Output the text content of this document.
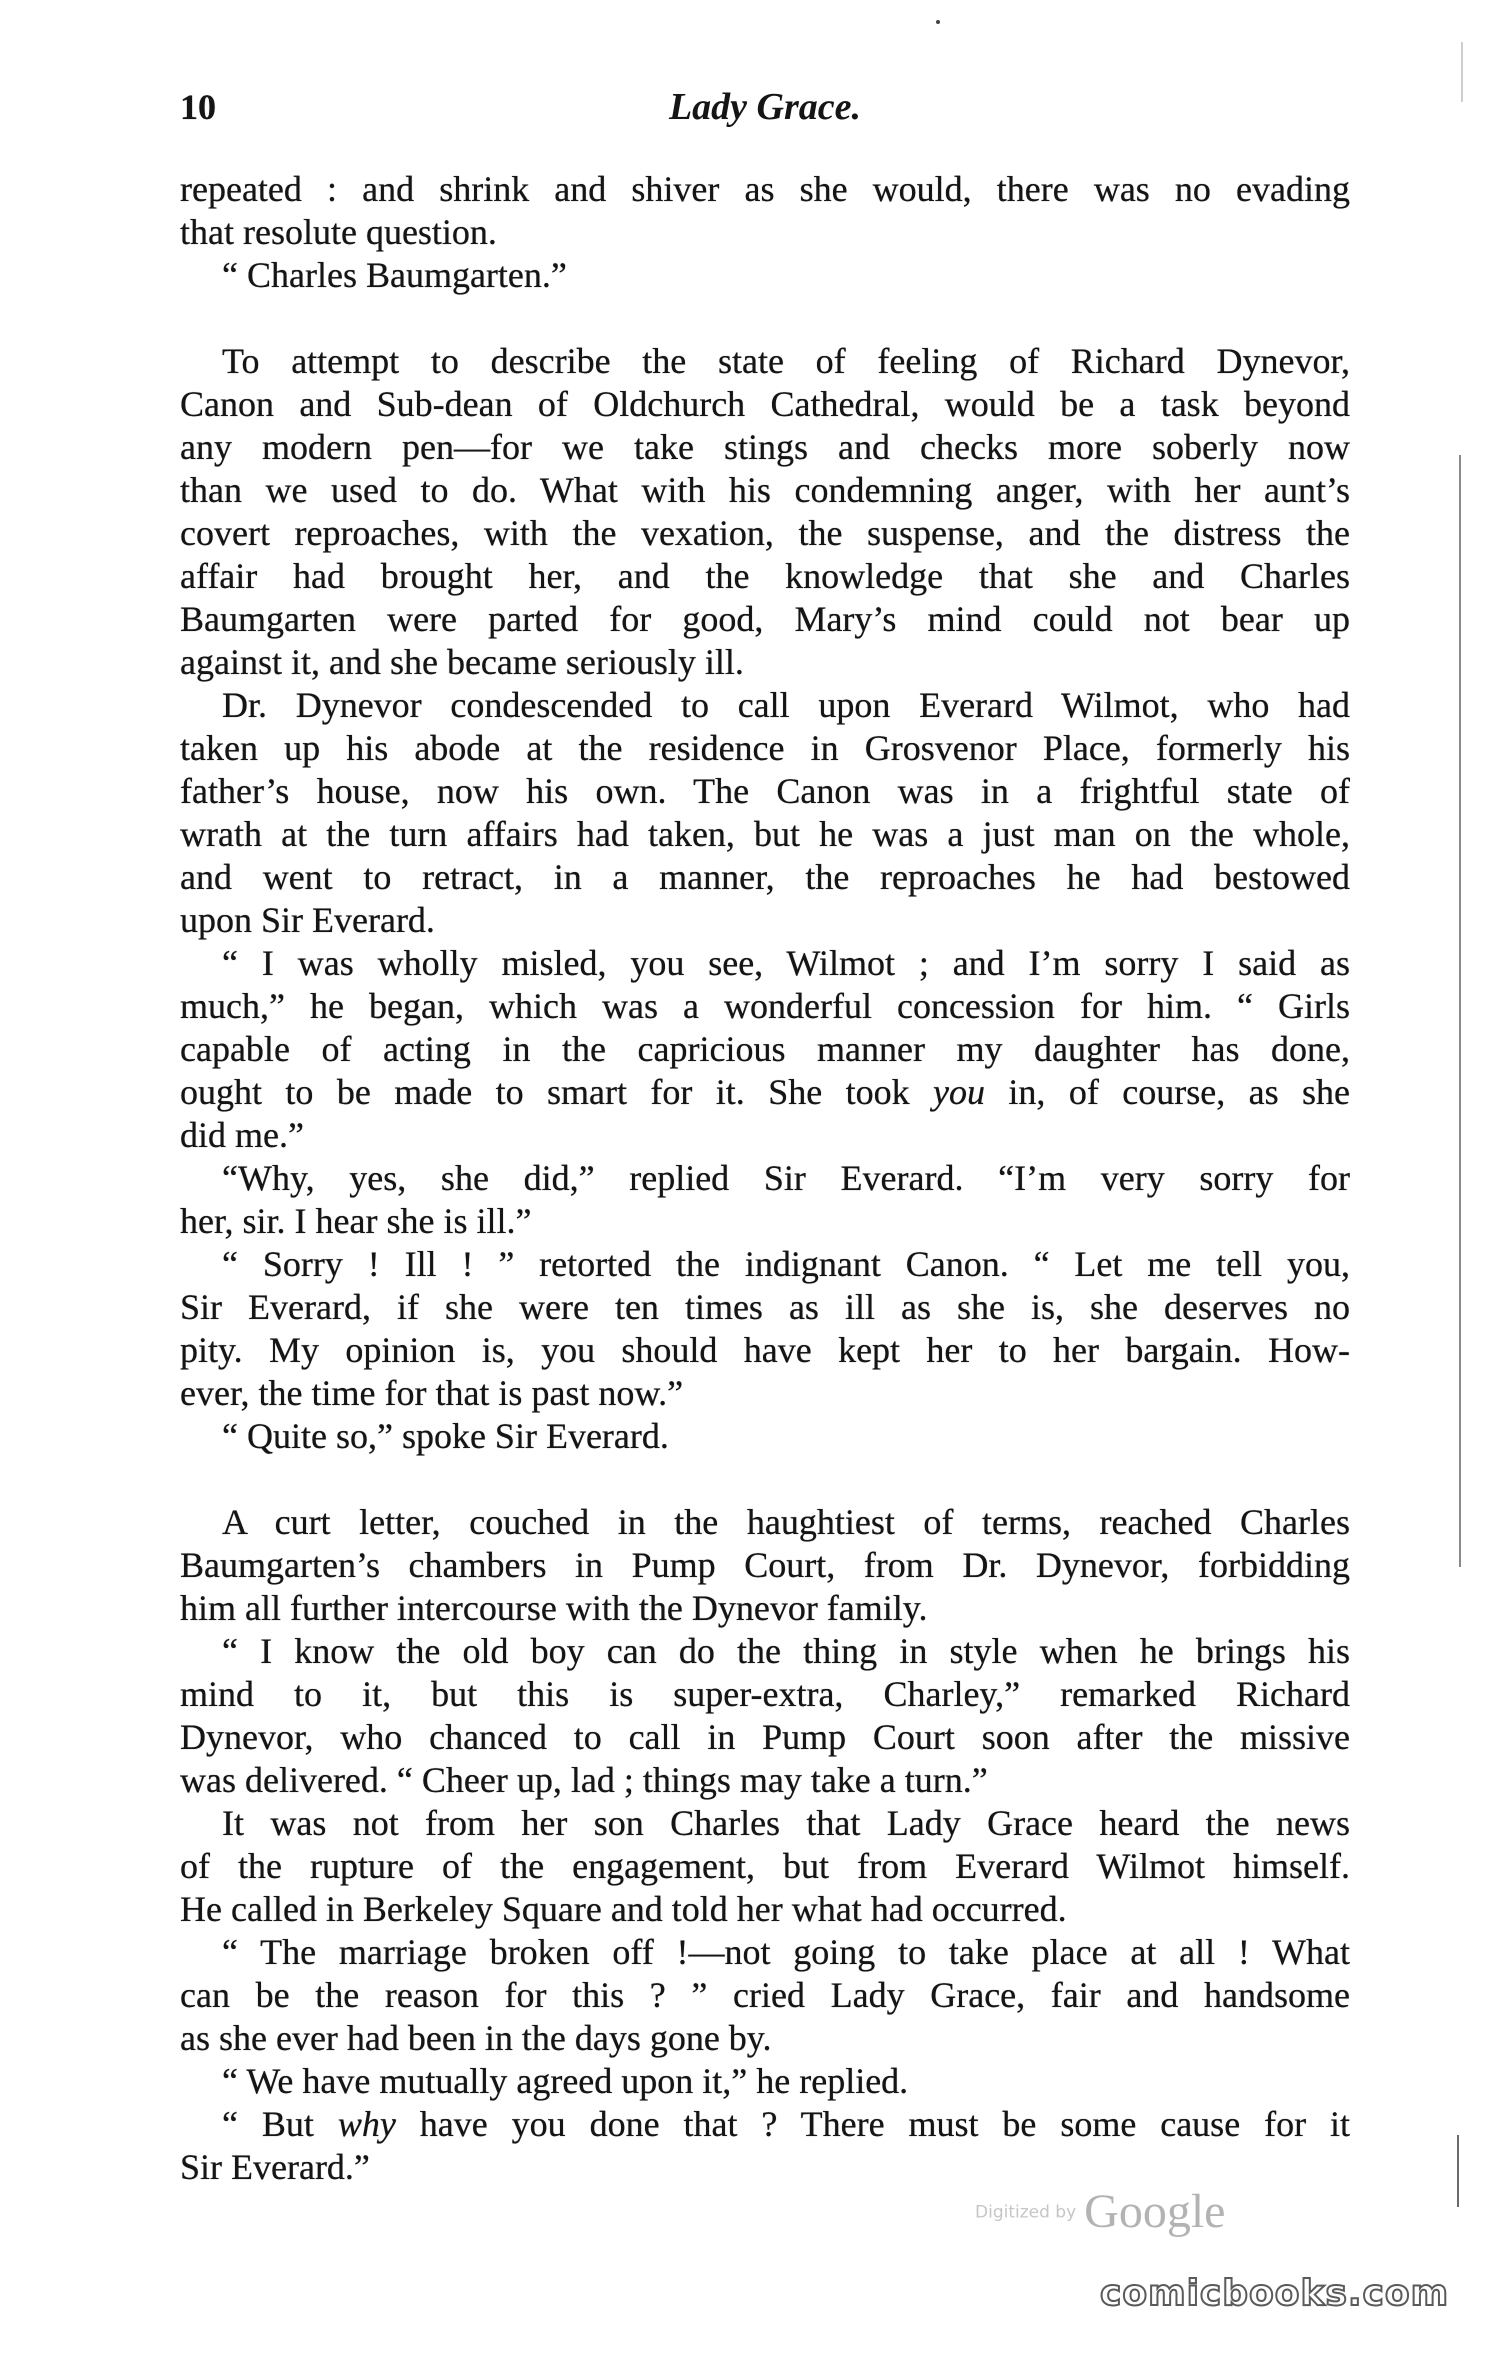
10	Lady Grace.
repeated : and shrink and shiver as she would, there was no evading
that resolute question.
“ Charles Baumgarten.”
To attempt to describe the state of feeling of Richard Dynevor,
Canon and Sub-dean of Oldchurch Cathedral, would be a task beyond
any modern pen—for we take stings and checks more soberly now
than we used to do. What with his condemning anger, with her aunt’s
covert reproaches, with the vexation, the suspense, and the distress the
affair had brought her, and the knowledge that she and Charles
Baumgarten were parted for good, Mary’s mind could not bear up
against it, and she became seriously ill.
Dr. Dynevor condescended to call upon Everard Wilmot, who had
taken up his abode at the residence in Grosvenor Place, formerly his
father’s house, now his own. The Canon was in a frightful state of
wrath at the turn affairs had taken, but he was a just man on the whole,
and went to retract, in a manner, the reproaches he had bestowed
upon Sir Everard.
“ I was wholly misled, you see, Wilmot ; and I’m sorry I said as
much,” he began, which was a wonderful concession for him. “ Girls
capable of acting in the capricious manner my daughter has done,
ought to be made to smart for it. She took you in, of course, as she
did me.”
“Why, yes, she did,” replied Sir Everard. “I’m very sorry for
her, sir. I hear she is ill.”
“ Sorry ! Ill ! ” retorted the indignant Canon. “ Let me tell you,
Sir Everard, if she were ten times as ill as she is, she deserves no
pity. My opinion is, you should have kept her to her bargain. How-
ever, the time for that is past now.”
“ Quite so,” spoke Sir Everard.
A curt letter, couched in the haughtiest of terms, reached Charles
Baumgarten’s chambers in Pump Court, from Dr. Dynevor, forbidding
him all further intercourse with the Dynevor family.
“ I know the old boy can do the thing in style when he brings his
mind to it, but this is super-extra, Charley,” remarked Richard
Dynevor, who chanced to call in Pump Court soon after the missive
was delivered. “ Cheer up, lad ; things may take a turn.”
It was not from her son Charles that Lady Grace heard the news
of the rupture of the engagement, but from Everard Wilmot himself.
He called in Berkeley Square and told her what had occurred.
“ The marriage broken off !—not going to take place at all ! What
can be the reason for this ? ” cried Lady Grace, fair and handsome
as she ever had been in the days gone by.
“ We have mutually agreed upon it,” he replied.
“ But why have you done that ? There must be some cause for it
Sir Everard.”
Digitized by Google
comicbooks.com
